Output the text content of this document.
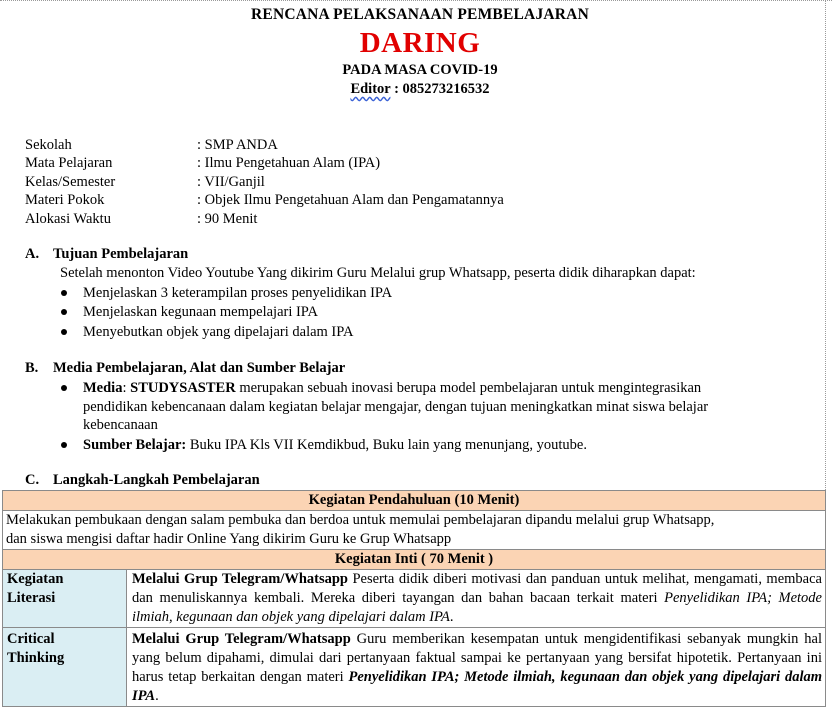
RENCANA PELAKSANAAN PEMBELAJARAN
DARING
PADA MASA COVID-19
Editor : 085273216532
Sekolah	: SMP ANDA
Mata Pelajaran	: Ilmu Pengetahuan Alam (IPA)
Kelas/Semester	: VII/Ganjil
Materi Pokok	: Objek Ilmu Pengetahuan Alam dan Pengamatannya
Alokasi Waktu	: 90 Menit
A. Tujuan Pembelajaran
Setelah menonton Video Youtube Yang dikirim Guru Melalui grup Whatsapp, peserta didik diharapkan dapat:
Menjelaskan 3 keterampilan proses penyelidikan IPA
Menjelaskan kegunaan mempelajari IPA
Menyebutkan objek yang dipelajari dalam IPA
B. Media Pembelajaran, Alat dan Sumber Belajar
Media: STUDYSASTER merupakan sebuah inovasi berupa model pembelajaran untuk mengintegrasikan
pendidikan kebencanaan dalam kegiatan belajar mengajar, dengan tujuan meningkatkan minat siswa belajar
kebencanaan
Sumber Belajar: Buku IPA Kls VII Kemdikbud, Buku lain yang menunjang, youtube.
C. Langkah-Langkah Pembelajaran
Kegiatan Pendahuluan (10 Menit)	

Melakukan pembukaan dengan salam pembuka dan berdoa untuk memulai pembelajaran dipandu melalui grup Whatsapp,
dan siswa mengisi daftar hadir Online Yang dikirim Guru ke Grup Whatsapp	

Kegiatan Inti ( 70 Menit )	

Kegiatan
Literasi	Melalui Grup Telegram/Whatsapp Peserta didik diberi motivasi dan panduan untuk melihat, mengamati, membaca dan menuliskannya kembali. Mereka diberi tayangan dan bahan bacaan terkait materi Penyelidikan IPA; Metode ilmiah, kegunaan dan objek yang dipelajari dalam IPA.

Critical
Thinking	Melalui Grup Telegram/Whatsapp Guru memberikan kesempatan untuk mengidentifikasi sebanyak mungkin hal yang belum dipahami, dimulai dari pertanyaan faktual sampai ke pertanyaan yang bersifat hipotetik. Pertanyaan ini harus tetap berkaitan dengan materi Penyelidikan IPA; Metode ilmiah, kegunaan dan objek yang dipelajari dalam IPA.
